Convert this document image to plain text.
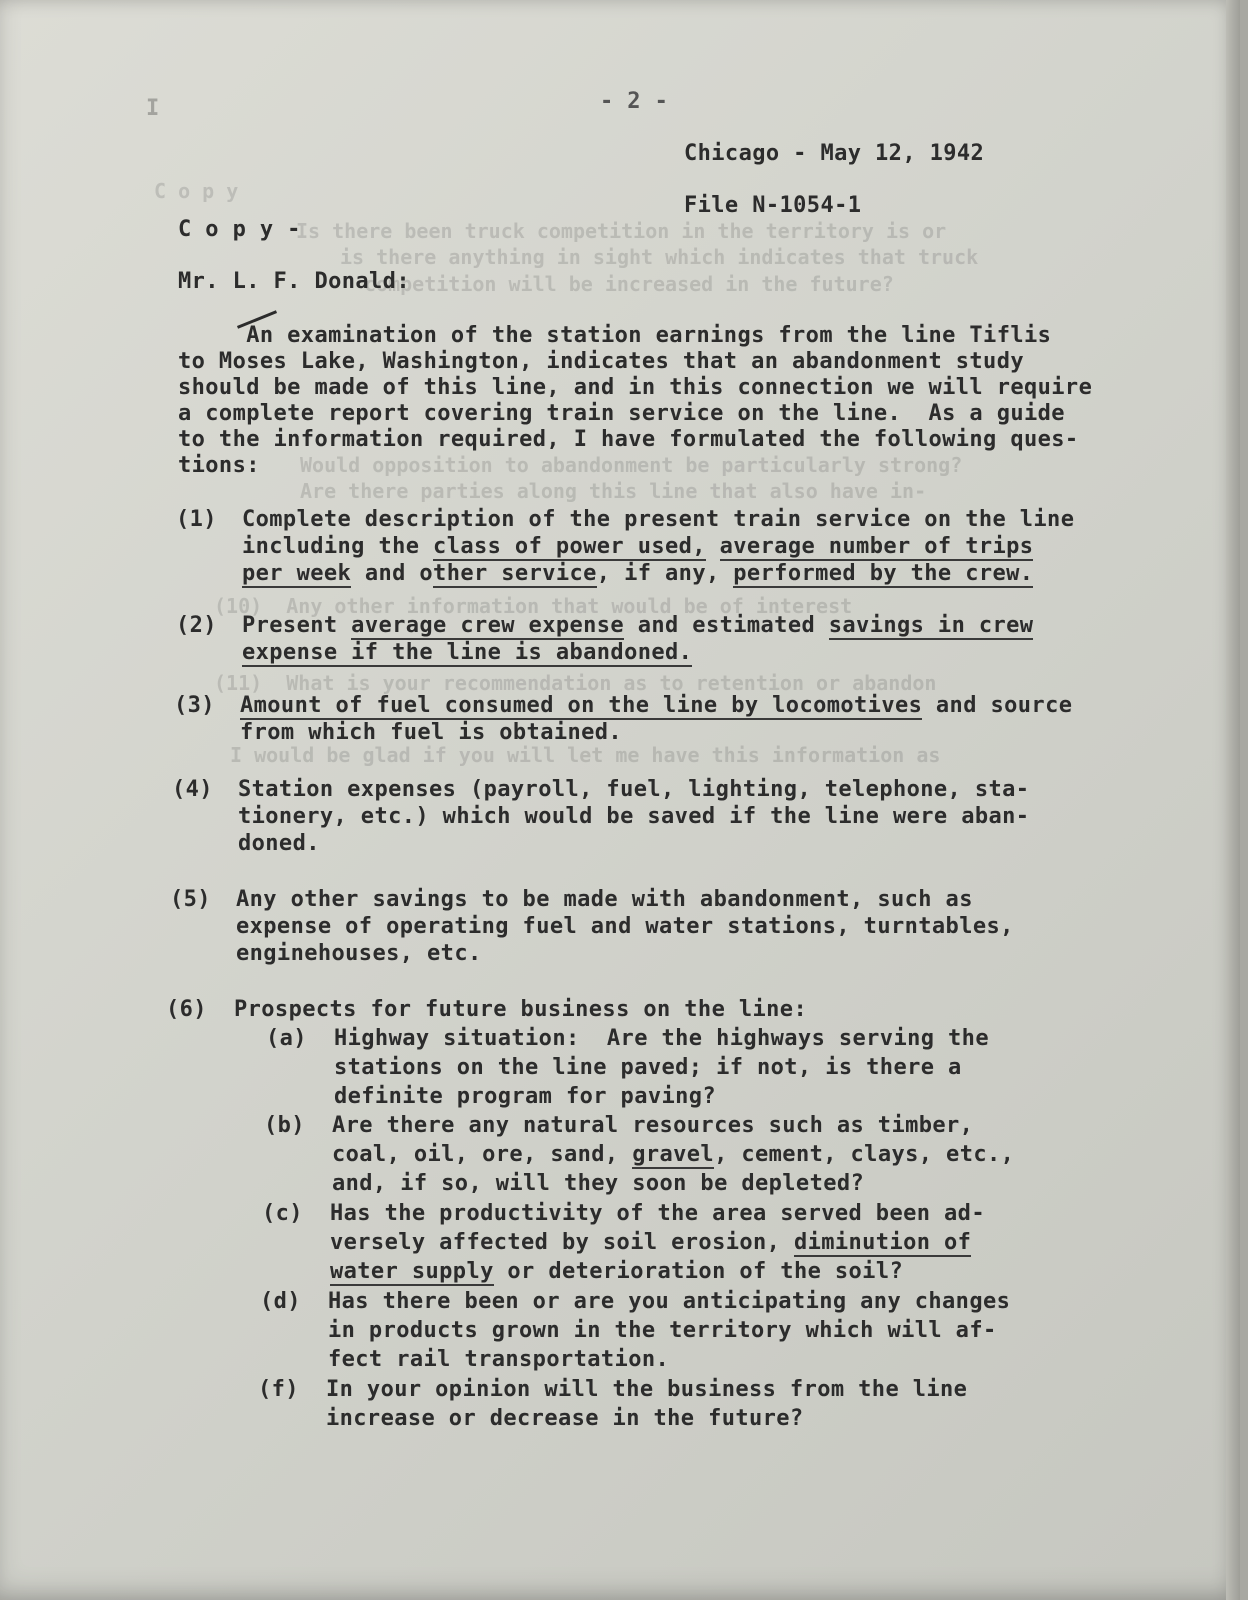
I
C o p y
Is there been truck competition in the territory is or
is there anything in sight which indicates that truck
competition will be increased in the future?
Would opposition to abandonment be particularly strong?
Are there parties along this line that also have in-
(10)  Any other information that would be of interest
(11)  What is your recommendation as to retention or abandon
I would be glad if you will let me have this information as
- 2 -
Chicago - May 12, 1942
File N-1054-1
C o p y -
Mr. L. F. Donald:
An examination of the station earnings from the line Tiflis
to Moses Lake, Washington, indicates that an abandonment study
should be made of this line, and in this connection we will require
a complete report covering train service on the line.  As a guide
to the information required, I have formulated the following ques-
tions:
(1) Complete description of the present train service on the line
including the class of power used, average number of trips
per week and other service, if any, performed by the crew.
(2) Present average crew expense and estimated savings in crew
expense if the line is abandoned.
(3) Amount of fuel consumed on the line by locomotives and source
from which fuel is obtained.
(4) Station expenses (payroll, fuel, lighting, telephone, sta-
tionery, etc.) which would be saved if the line were aban-
doned.
(5) Any other savings to be made with abandonment, such as
expense of operating fuel and water stations, turntables,
enginehouses, etc.
(6) Prospects for future business on the line:
(a) Highway situation:  Are the highways serving the
stations on the line paved; if not, is there a
definite program for paving?
(b) Are there any natural resources such as timber,
coal, oil, ore, sand, gravel, cement, clays, etc.,
and, if so, will they soon be depleted?
(c) Has the productivity of the area served been ad-
versely affected by soil erosion, diminution of
water supply or deterioration of the soil?
(d) Has there been or are you anticipating any changes
in products grown in the territory which will af-
fect rail transportation.
(f) In your opinion will the business from the line
increase or decrease in the future?
